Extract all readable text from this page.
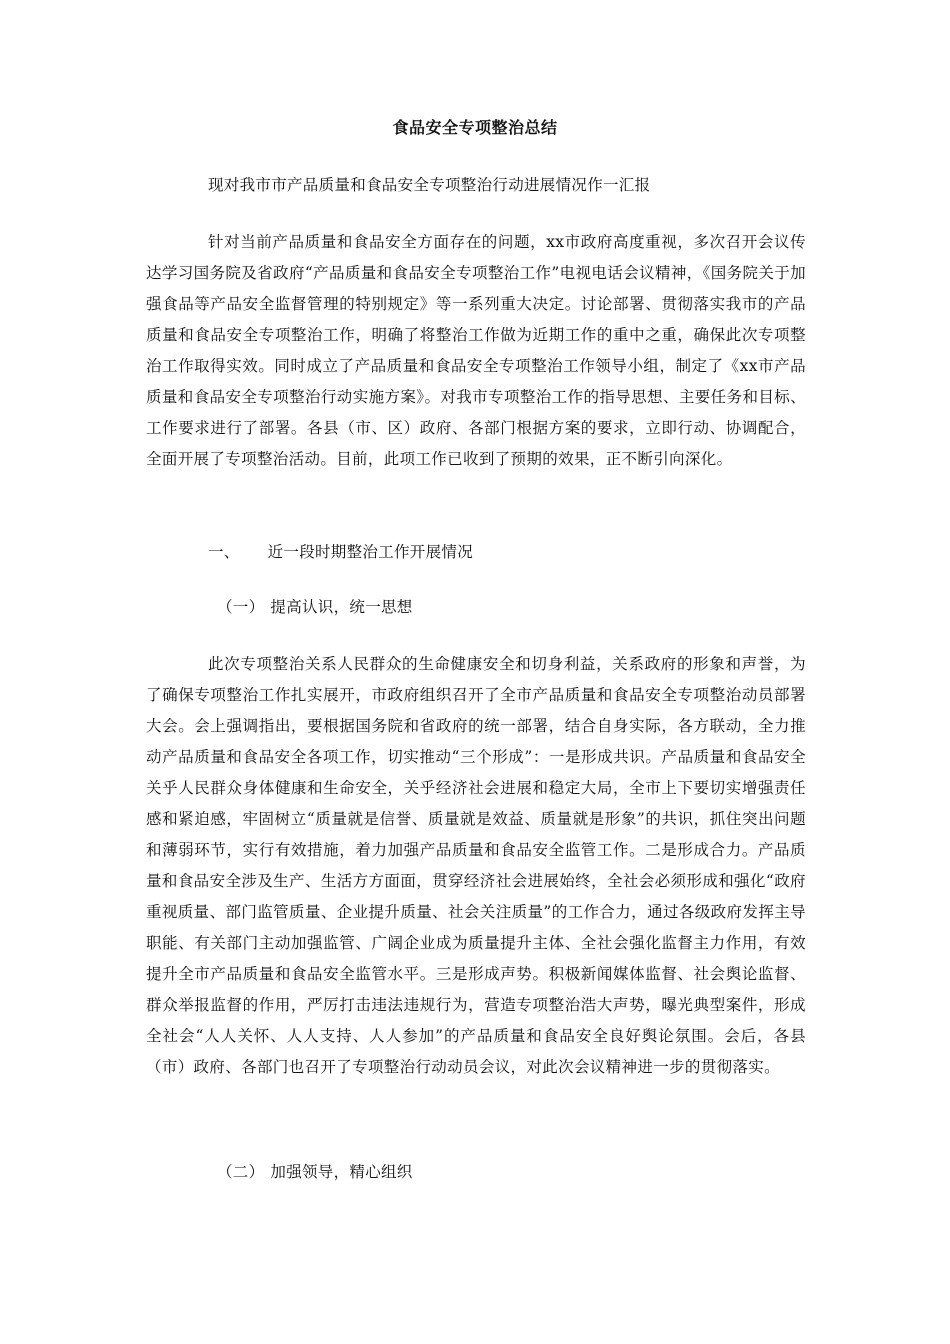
食品安全专项整治总结
现对我市市产品质量和食品安全专项整治行动进展情况作一汇报

针对当前产品质量和食品安全方面存在的问题，xx市政府高度重视，多次召开会议传达学习国务院及省政府“产品质量和食品安全专项整治工作”电视电话会议精神，《国务院关于加强食品等产品安全监督管理的特别规定》等一系列重大决定。讨论部署、贯彻落实我市的产品质量和食品安全专项整治工作，明确了将整治工作做为近期工作的重中之重，确保此次专项整治工作取得实效。同时成立了产品质量和食品安全专项整治工作领导小组，制定了《xx市产品质量和食品安全专项整治行动实施方案》。对我市专项整治工作的指导思想、主要任务和目标、工作要求进行了部署。各县（市、区）政府、各部门根据方案的要求，立即行动、协调配合，全面开展了专项整治活动。目前，此项工作已收到了预期的效果，正不断引向深化。

一、 近一段时期整治工作开展情况
（一） 提高认识，统一思想

此次专项整治关系人民群众的生命健康安全和切身利益，关系政府的形象和声誉，为了确保专项整治工作扎实展开，市政府组织召开了全市产品质量和食品安全专项整治动员部署大会。会上强调指出，要根据国务院和省政府的统一部署，结合自身实际，各方联动，全力推动产品质量和食品安全各项工作，切实推动“三个形成”：一是形成共识。产品质量和食品安全关乎人民群众身体健康和生命安全，关乎经济社会进展和稳定大局，全市上下要切实增强责任感和紧迫感，牢固树立“质量就是信誉、质量就是效益、质量就是形象”的共识，抓住突出问题和薄弱环节，实行有效措施，着力加强产品质量和食品安全监管工作。二是形成合力。产品质量和食品安全涉及生产、生活方方面面，贯穿经济社会进展始终，全社会必须形成和强化“政府重视质量、部门监管质量、企业提升质量、社会关注质量”的工作合力，通过各级政府发挥主导职能、有关部门主动加强监管、广阔企业成为质量提升主体、全社会强化监督主力作用，有效提升全市产品质量和食品安全监管水平。三是形成声势。积极新闻媒体监督、社会舆论监督、群众举报监督的作用，严厉打击违法违规行为，营造专项整治浩大声势，曝光典型案件，形成全社会“人人关怀、人人支持、人人参加”的产品质量和食品安全良好舆论氛围。会后，各县（市）政府、各部门也召开了专项整治行动动员会议，对此次会议精神进一步的贯彻落实。

（二） 加强领导，精心组织
